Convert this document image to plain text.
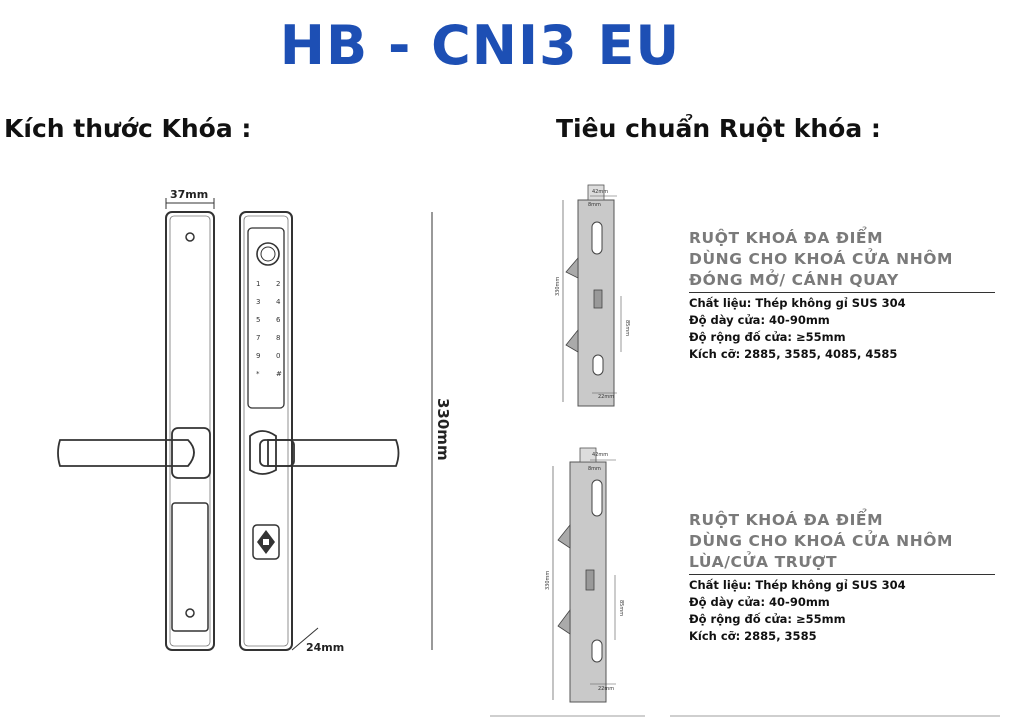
HB - CNI3 EU
Kích thước Khóa :	Tiêu chuẩn Ruột khóa :
37mm
1 2
3 4
5 6
7 8
9 0
* #
24mm
330mm
330mm
42mm
8mm
85mm
22mm
330mm
42mm
8mm
85mm
22mm
RUỘT KHOÁ ĐA ĐIỂM
DÙNG CHO KHOÁ CỬA NHÔM
ĐÓNG MỞ/ CÁNH QUAY
Chất liệu: Thép không gỉ SUS 304
Độ dày cửa: 40-90mm
Độ rộng đố cửa: ≥55mm
Kích cỡ: 2885, 3585, 4085, 4585
RUỘT KHOÁ ĐA ĐIỂM
DÙNG CHO KHOÁ CỬA NHÔM
LÙA/CỬA TRƯỢT
Chất liệu: Thép không gỉ SUS 304
Độ dày cửa: 40-90mm
Độ rộng đố cửa: ≥55mm
Kích cỡ: 2885, 3585
